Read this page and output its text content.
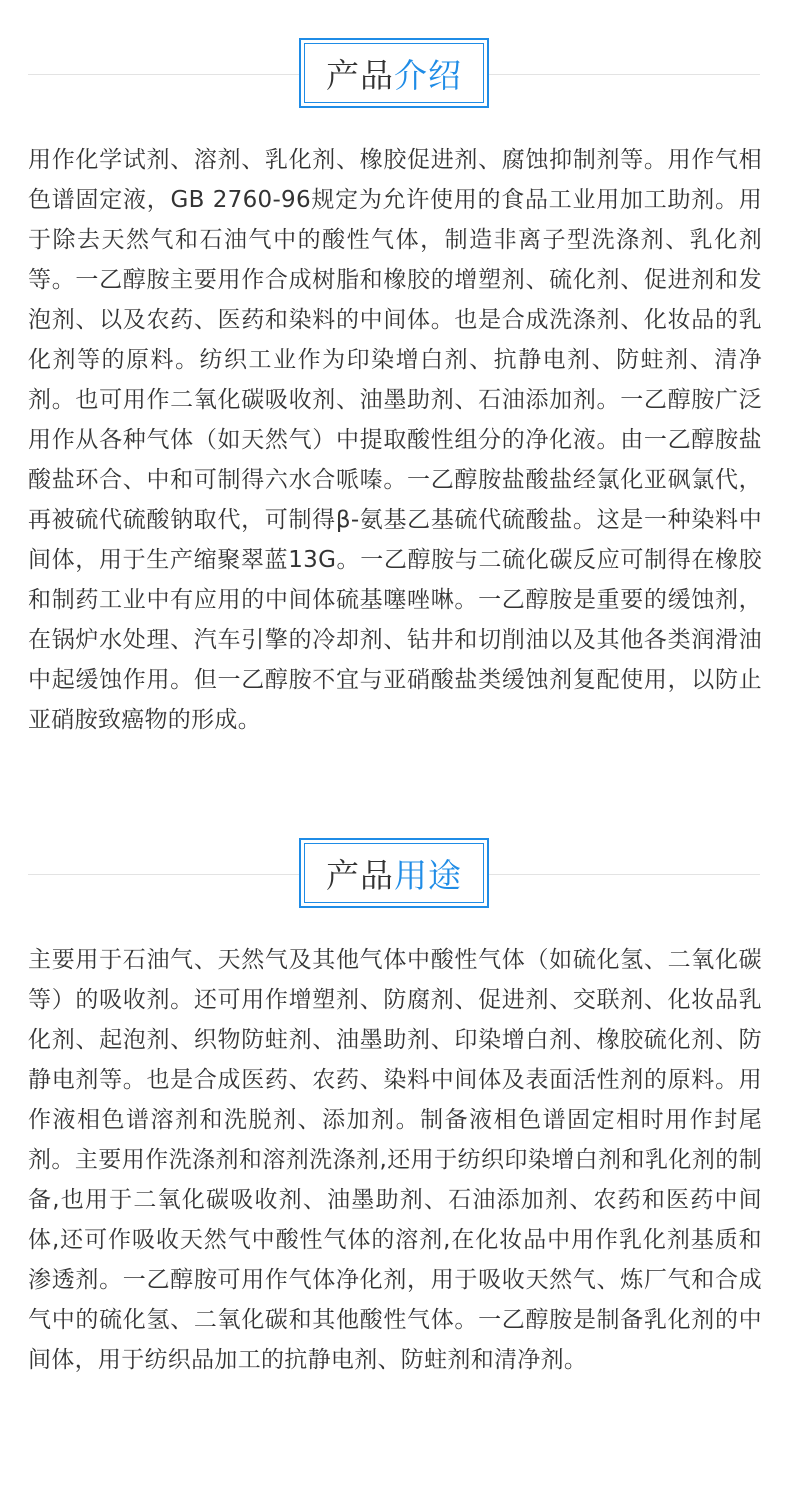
产品 介绍

用作化学试剂、溶剂、乳化剂、橡胶促进剂、腐蚀抑制剂等。用作气相色谱固定液，GB 2760-96规定为允许使用的食品工业用加工助剂。用于除去天然气和石油气中的酸性气体，制造非离子型洗涤剂、乳化剂等。一乙醇胺主要用作合成树脂和橡胶的增塑剂、硫化剂、促进剂和发泡剂、以及农药、医药和染料的中间体。也是合成洗涤剂、化妆品的乳化剂等的原料。纺织工业作为印染增白剂、抗静电剂、防蛀剂、清净剂。也可用作二氧化碳吸收剂、油墨助剂、石油添加剂。一乙醇胺广泛用作从各种气体（如天然气）中提取酸性组分的净化液。由一乙醇胺盐酸盐环合、中和可制得六水合哌嗪。一乙醇胺盐酸盐经氯化亚砜氯代，再被硫代硫酸钠取代，可制得β-氨基乙基硫代硫酸盐。这是一种染料中间体，用于生产缩聚翠蓝13G。一乙醇胺与二硫化碳反应可制得在橡胶和制药工业中有应用的中间体硫基噻唑啉。一乙醇胺是重要的缓蚀剂，在锅炉水处理、汽车引擎的冷却剂、钻井和切削油以及其他各类润滑油中起缓蚀作用。但一乙醇胺不宜与亚硝酸盐类缓蚀剂复配使用，以防止亚硝胺致癌物的形成。

产品 用途

主要用于石油气、天然气及其他气体中酸性气体（如硫化氢、二氧化碳等）的吸收剂。还可用作增塑剂、防腐剂、促进剂、交联剂、化妆品乳化剂、起泡剂、织物防蛀剂、油墨助剂、印染增白剂、橡胶硫化剂、防静电剂等。也是合成医药、农药、染料中间体及表面活性剂的原料。用作液相色谱溶剂和洗脱剂、添加剂。制备液相色谱固定相时用作封尾剂。主要用作洗涤剂和溶剂洗涤剂,还用于纺织印染增白剂和乳化剂的制备,也用于二氧化碳吸收剂、油墨助剂、石油添加剂、农药和医药中间体,还可作吸收天然气中酸性气体的溶剂,在化妆品中用作乳化剂基质和渗透剂。一乙醇胺可用作气体净化剂，用于吸收天然气、炼厂气和合成气中的硫化氢、二氧化碳和其他酸性气体。一乙醇胺是制备乳化剂的中间体，用于纺织品加工的抗静电剂、防蛀剂和清净剂。
